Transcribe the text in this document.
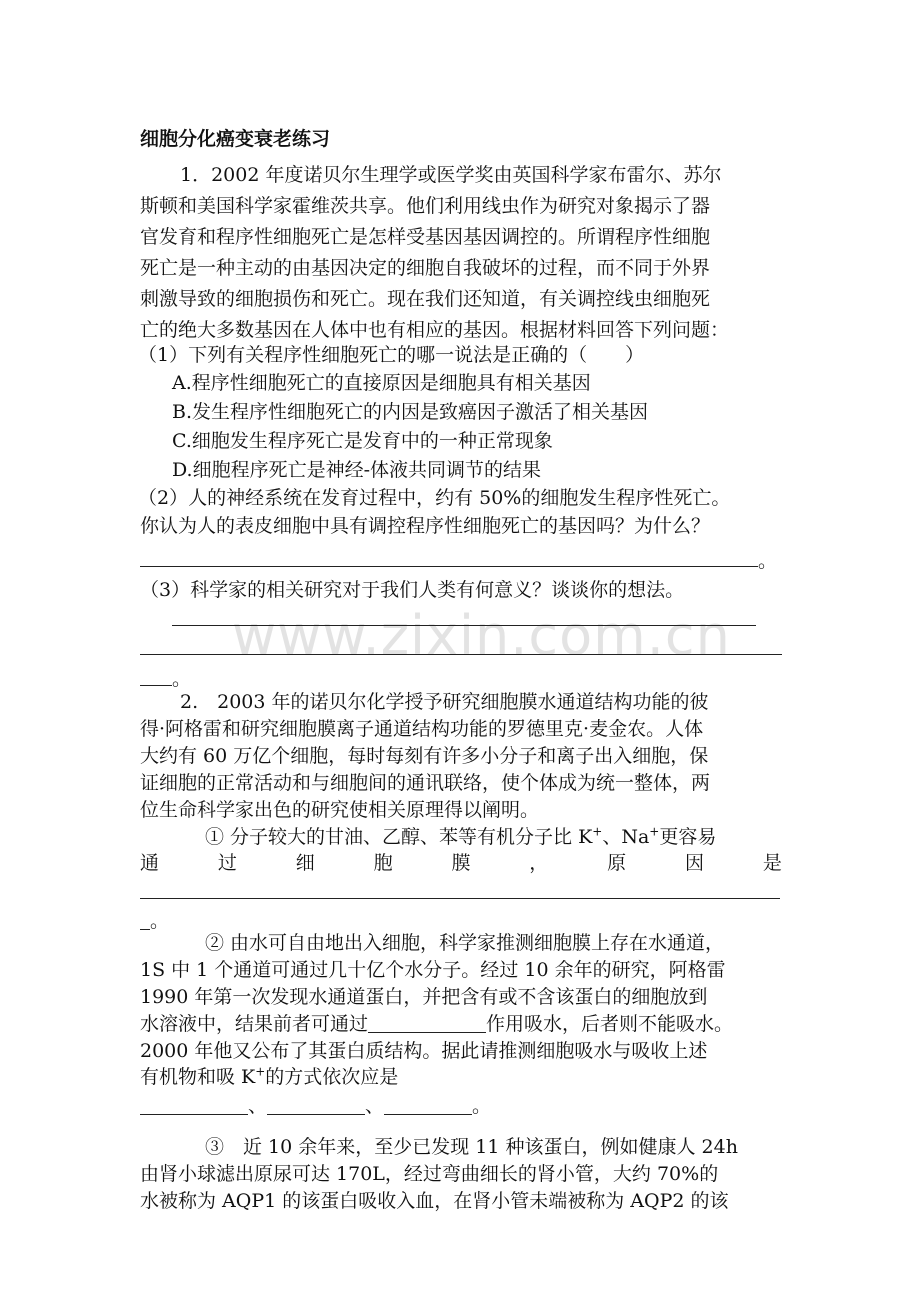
www.zixin.com.cn
细胞分化癌变衰老练习
1．2002 年度诺贝尔生理学或医学奖由英国科学家布雷尔、苏尔
斯顿和美国科学家霍维茨共享。他们利用线虫作为研究对象揭示了器
官发育和程序性细胞死亡是怎样受基因基因调控的。所谓程序性细胞
死亡是一种主动的由基因决定的细胞自我破坏的过程，而不同于外界
刺激导致的细胞损伤和死亡。现在我们还知道，有关调控线虫细胞死
亡的绝大多数基因在人体中也有相应的基因。根据材料回答下列问题：
（1）下列有关程序性细胞死亡的哪一说法是正确的（　　）
A.程序性细胞死亡的直接原因是细胞具有相关基因
B.发生程序性细胞死亡的内因是致癌因子激活了相关基因
C.细胞发生程序死亡是发育中的一种正常现象
D.细胞程序死亡是神经-体液共同调节的结果
（2）人的神经系统在发育过程中，约有 50%的细胞发生程序性死亡。
你认为人的表皮细胞中具有调控程序性细胞死亡的基因吗？为什么？
。
（3）科学家的相关研究对于我们人类有何意义？谈谈你的想法。
。
2.　2003 年的诺贝尔化学授予研究细胞膜水通道结构功能的彼
得·阿格雷和研究细胞膜离子通道结构功能的罗德里克·麦金农。人体
大约有 60 万亿个细胞，每时每刻有许多小分子和离子出入细胞，保
证细胞的正常活动和与细胞间的通讯联络，使个体成为统一整体，两
位生命科学家出色的研究使相关原理得以阐明。
① 分子较大的甘油、乙醇、苯等有机分子比 K+、Na+更容易
通	过	细	胞	膜	，	原	因	是
。
② 由水可自由地出入细胞，科学家推测细胞膜上存在水通道，
1S 中 1 个通道可通过几十亿个水分子。经过 10 余年的研究，阿格雷
1990 年第一次发现水通道蛋白，并把含有或不含该蛋白的细胞放到
水溶液中，结果前者可通过	作用吸水，后者则不能吸水。
2000 年他又公布了其蛋白质结构。据此请推测细胞吸水与吸收上述
有机物和吸 K+的方式依次应是
、	、	。
③　近 10 余年来，至少已发现 11 种该蛋白，例如健康人 24h
由肾小球滤出原尿可达 170L，经过弯曲细长的肾小管，大约 70%的
水被称为 AQP1 的该蛋白吸收入血，在肾小管未端被称为 AQP2 的该
